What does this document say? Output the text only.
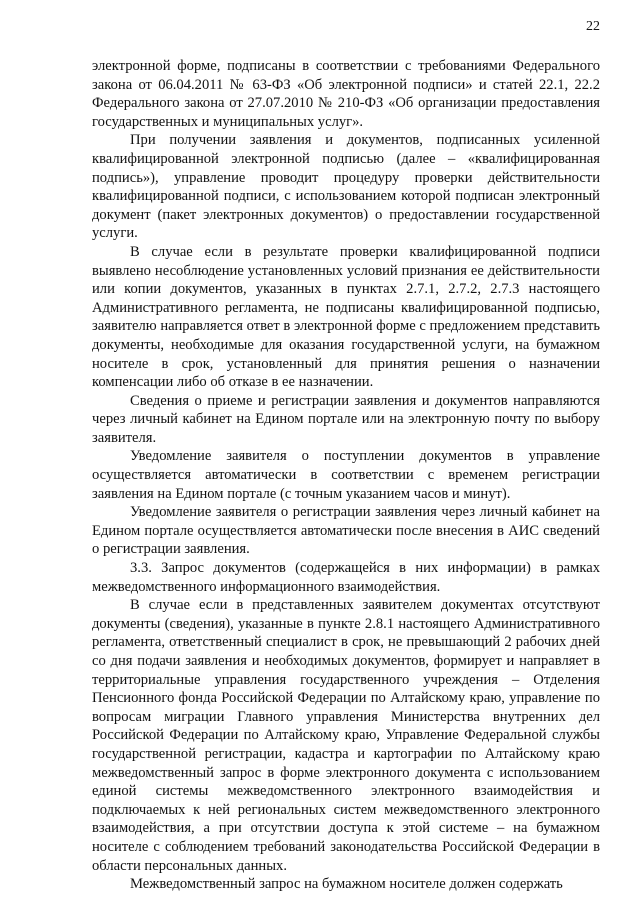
22

электронной форме, подписаны в соответствии с требованиями Федерального закона от 06.04.2011 № 63-ФЗ «Об электронной подписи» и статей 22.1, 22.2 Федерального закона от 27.07.2010 № 210-ФЗ «Об организации предоставления государственных и муниципальных услуг».

При получении заявления и документов, подписанных усиленной квалифицированной электронной подписью (далее – «квалифицированная подпись»), управление проводит процедуру проверки действительности квалифицированной подписи, с использованием которой подписан электронный документ (пакет электронных документов) о предоставлении государственной услуги.

В случае если в результате проверки квалифицированной подписи выявлено несоблюдение установленных условий признания ее действительности или копии документов, указанных в пунктах 2.7.1, 2.7.2, 2.7.3 настоящего Административного регламента, не подписаны квалифицированной подписью, заявителю направляется ответ в электронной форме с предложением представить документы, необходимые для оказания государственной услуги, на бумажном носителе в срок, установленный для принятия решения о назначении компенсации либо об отказе в ее назначении.

Сведения о приеме и регистрации заявления и документов направляются через личный кабинет на Едином портале или на электронную почту по выбору заявителя.

Уведомление заявителя о поступлении документов в управление осуществляется автоматически в соответствии с временем регистрации заявления на Едином портале (с точным указанием часов и минут).

Уведомление заявителя о регистрации заявления через личный кабинет на Едином портале осуществляется автоматически после внесения в АИС сведений о регистрации заявления.

3.3. Запрос документов (содержащейся в них информации) в рамках межведомственного информационного взаимодействия.

В случае если в представленных заявителем документах отсутствуют документы (сведения), указанные в пункте 2.8.1 настоящего Административного регламента, ответственный специалист в срок, не превышающий 2 рабочих дней со дня подачи заявления и необходимых документов, формирует и направляет в территориальные управления государственного учреждения – Отделения Пенсионного фонда Российской Федерации по Алтайскому краю, управление по вопросам миграции Главного управления Министерства внутренних дел Российской Федерации по Алтайскому краю, Управление Федеральной службы государственной регистрации, кадастра и картографии по Алтайскому краю межведомственный запрос в форме электронного документа с использованием единой системы межведомственного электронного взаимодействия и подключаемых к ней региональных систем межведомственного электронного взаимодействия, а при отсутствии доступа к этой системе – на бумажном носителе с соблюдением требований законодательства Российской Федерации в области персональных данных.

Межведомственный запрос на бумажном носителе должен содержать
